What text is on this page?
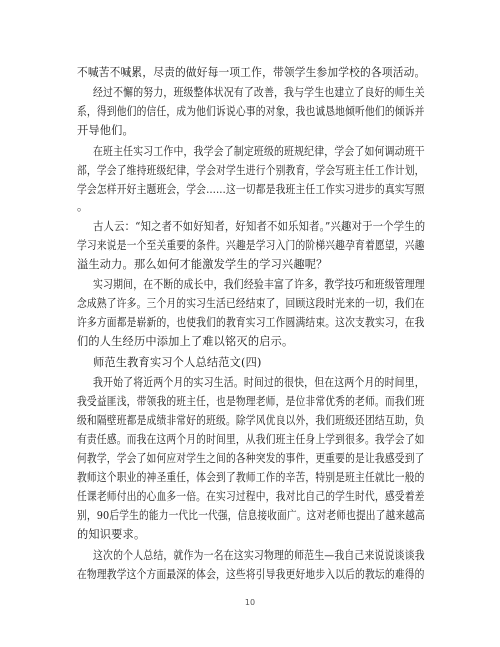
不喊苦不喊累，尽责的做好每一项工作，带领学生参加学校的各项活动。
经过不懈的努力，班级整体状况有了改善，我与学生也建立了良好的师生关
系，得到他们的信任，成为他们诉说心事的对象，我也诚恳地倾听他们的倾诉并
开导他们。
在班主任实习工作中，我学会了制定班级的班规纪律，学会了如何调动班干
部，学会了维持班级纪律，学会对学生进行个别教育，学会写班主任工作计划，
学会怎样开好主题班会，学会……这一切都是我班主任工作实习进步的真实写照
。
古人云：“知之者不如好知者，好知者不如乐知者。”兴趣对于一个学生的
学习来说是一个至关重要的条件。兴趣是学习入门的阶梯兴趣孕育着愿望，兴趣
溢生动力。那么如何才能激发学生的学习兴趣呢？
实习期间，在不断的成长中，我们经验丰富了许多，教学技巧和班级管理理
念成熟了许多。三个月的实习生活已经结束了，回顾这段时光来的一切，我们在
许多方面都是崭新的，也使我们的教育实习工作圆满结束。这次支教实习，在我
们的人生经历中添加上了难以铭灭的启示。
师范生教育实习个人总结范文(四)
我开始了将近两个月的实习生活。时间过的很快，但在这两个月的时间里，
我受益匪浅，带领我的班主任，也是物理老师，是位非常优秀的老师。而我们班
级和隔壁班都是成绩非常好的班级。除学风优良以外，我们班级还团结互助，负
有责任感。而我在这两个月的时间里，从我们班主任身上学到很多。我学会了如
何教学，学会了如何应对学生之间的各种突发的事件，更重要的是让我感受到了
教师这个职业的神圣重任，体会到了教师工作的辛苦，特别是班主任就比一般的
任课老师付出的心血多一倍。在实习过程中，我对比自己的学生时代，感受着差
别，90后学生的能力一代比一代强，信息接收面广。这对老师也提出了越来越高
的知识要求。
这次的个人总结，就作为一名在这实习物理的师范生—我自己来说说谈谈我
在物理教学这个方面最深的体会，这些将引导我更好地步入以后的教坛的难得的
10
